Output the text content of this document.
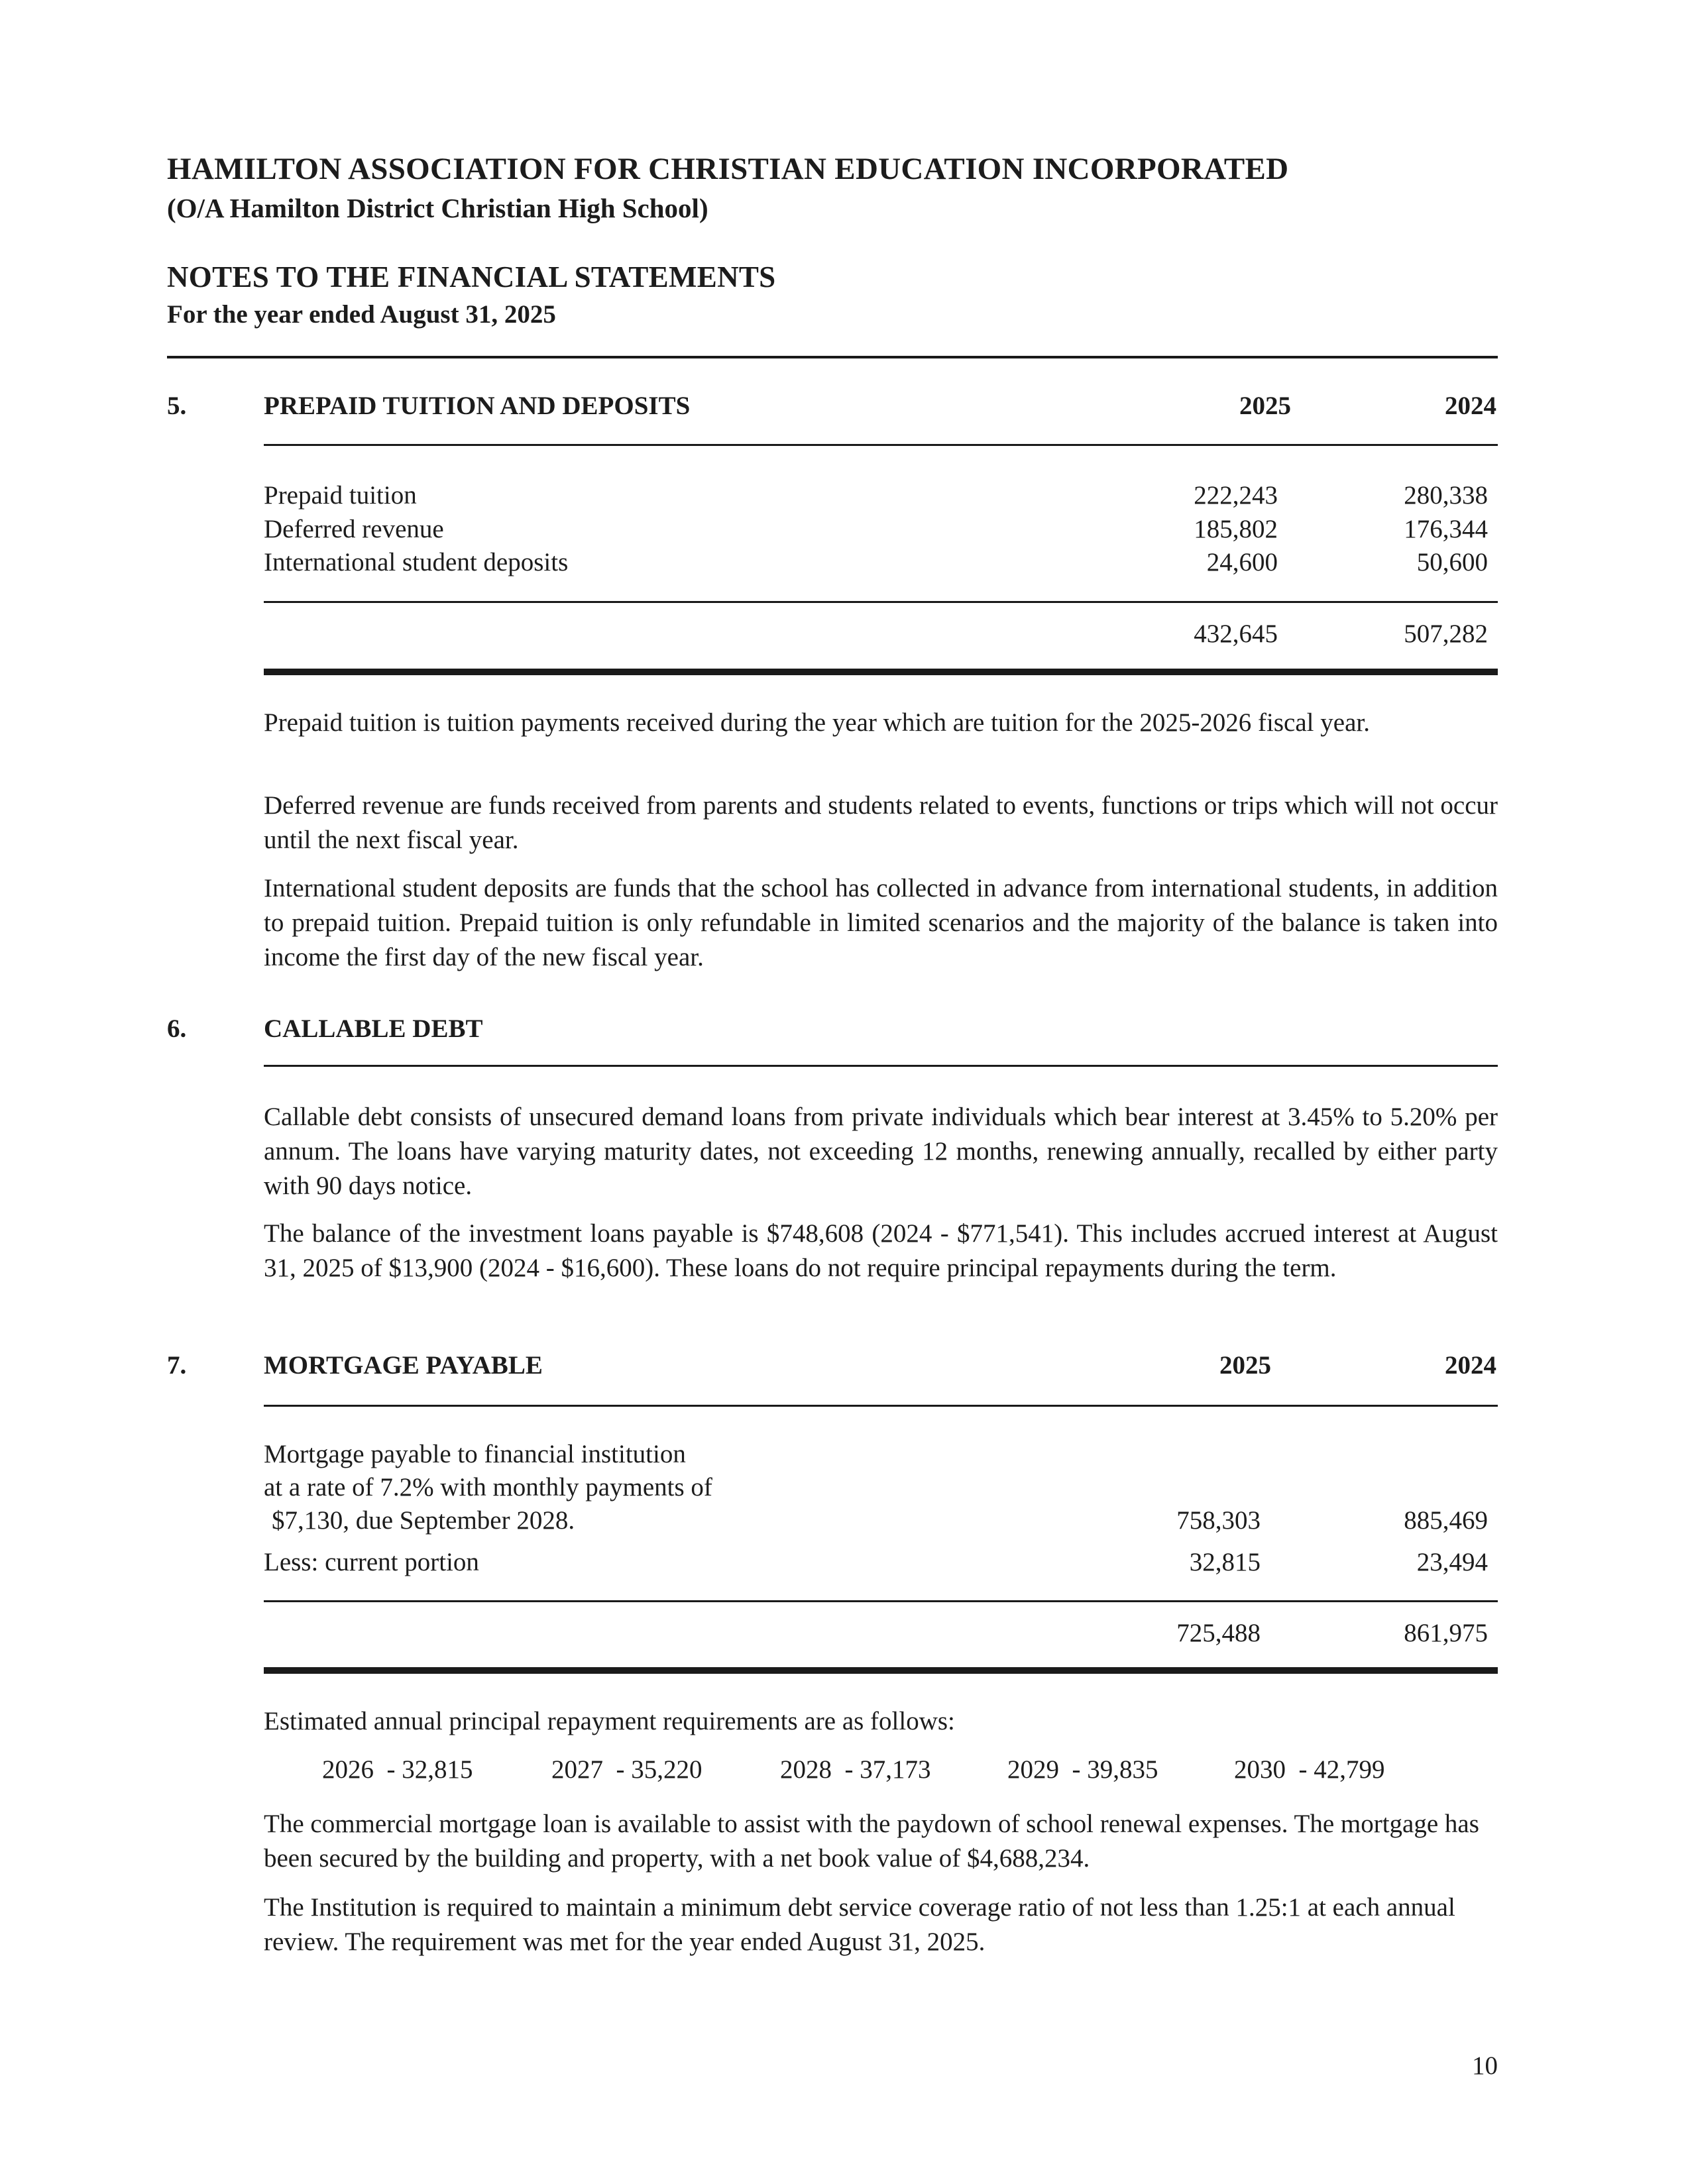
HAMILTON ASSOCIATION FOR CHRISTIAN EDUCATION INCORPORATED
(O/A Hamilton District Christian High School)
NOTES TO THE FINANCIAL STATEMENTS
For the year ended August 31, 2025
5.	PREPAID TUITION AND DEPOSITS	2025	2024
Prepaid tuition	222,243	280,338
Deferred revenue	185,802	176,344
International student deposits	24,600	50,600
432,645	507,282
Prepaid tuition is tuition payments received during the year which are tuition for the 2025-2026 fiscal year.
Deferred revenue are funds received from parents and students related to events, functions or trips which will not occur until the next fiscal year.
International student deposits are funds that the school has collected in advance from international students, in addition to prepaid tuition. Prepaid tuition is only refundable in limited scenarios and the majority of the balance is taken into income the first day of the new fiscal year.
6.	CALLABLE DEBT
Callable debt consists of unsecured demand loans from private individuals which bear interest at 3.45% to 5.20% per annum. The loans have varying maturity dates, not exceeding 12 months, renewing annually, recalled by either party with 90 days notice.
The balance of the investment loans payable is $748,608 (2024 - $771,541). This includes accrued interest at August 31, 2025 of $13,900 (2024 - $16,600). These loans do not require principal repayments during the term.
7.	MORTGAGE PAYABLE	2025	2024
Mortgage payable to financial institution
at a rate of 7.2% with monthly payments of
$7,130, due September 2028.	758,303	885,469
Less: current portion	32,815	23,494
725,488	861,975
Estimated annual principal repayment requirements are as follows:
2026 - 32,815	2027 - 35,220	2028 - 37,173	2029 - 39,835	2030 - 42,799
The commercial mortgage loan is available to assist with the paydown of school renewal expenses. The mortgage has been secured by the building and property, with a net book value of $4,688,234.
The Institution is required to maintain a minimum debt service coverage ratio of not less than 1.25:1 at each annual review. The requirement was met for the year ended August 31, 2025.
10
